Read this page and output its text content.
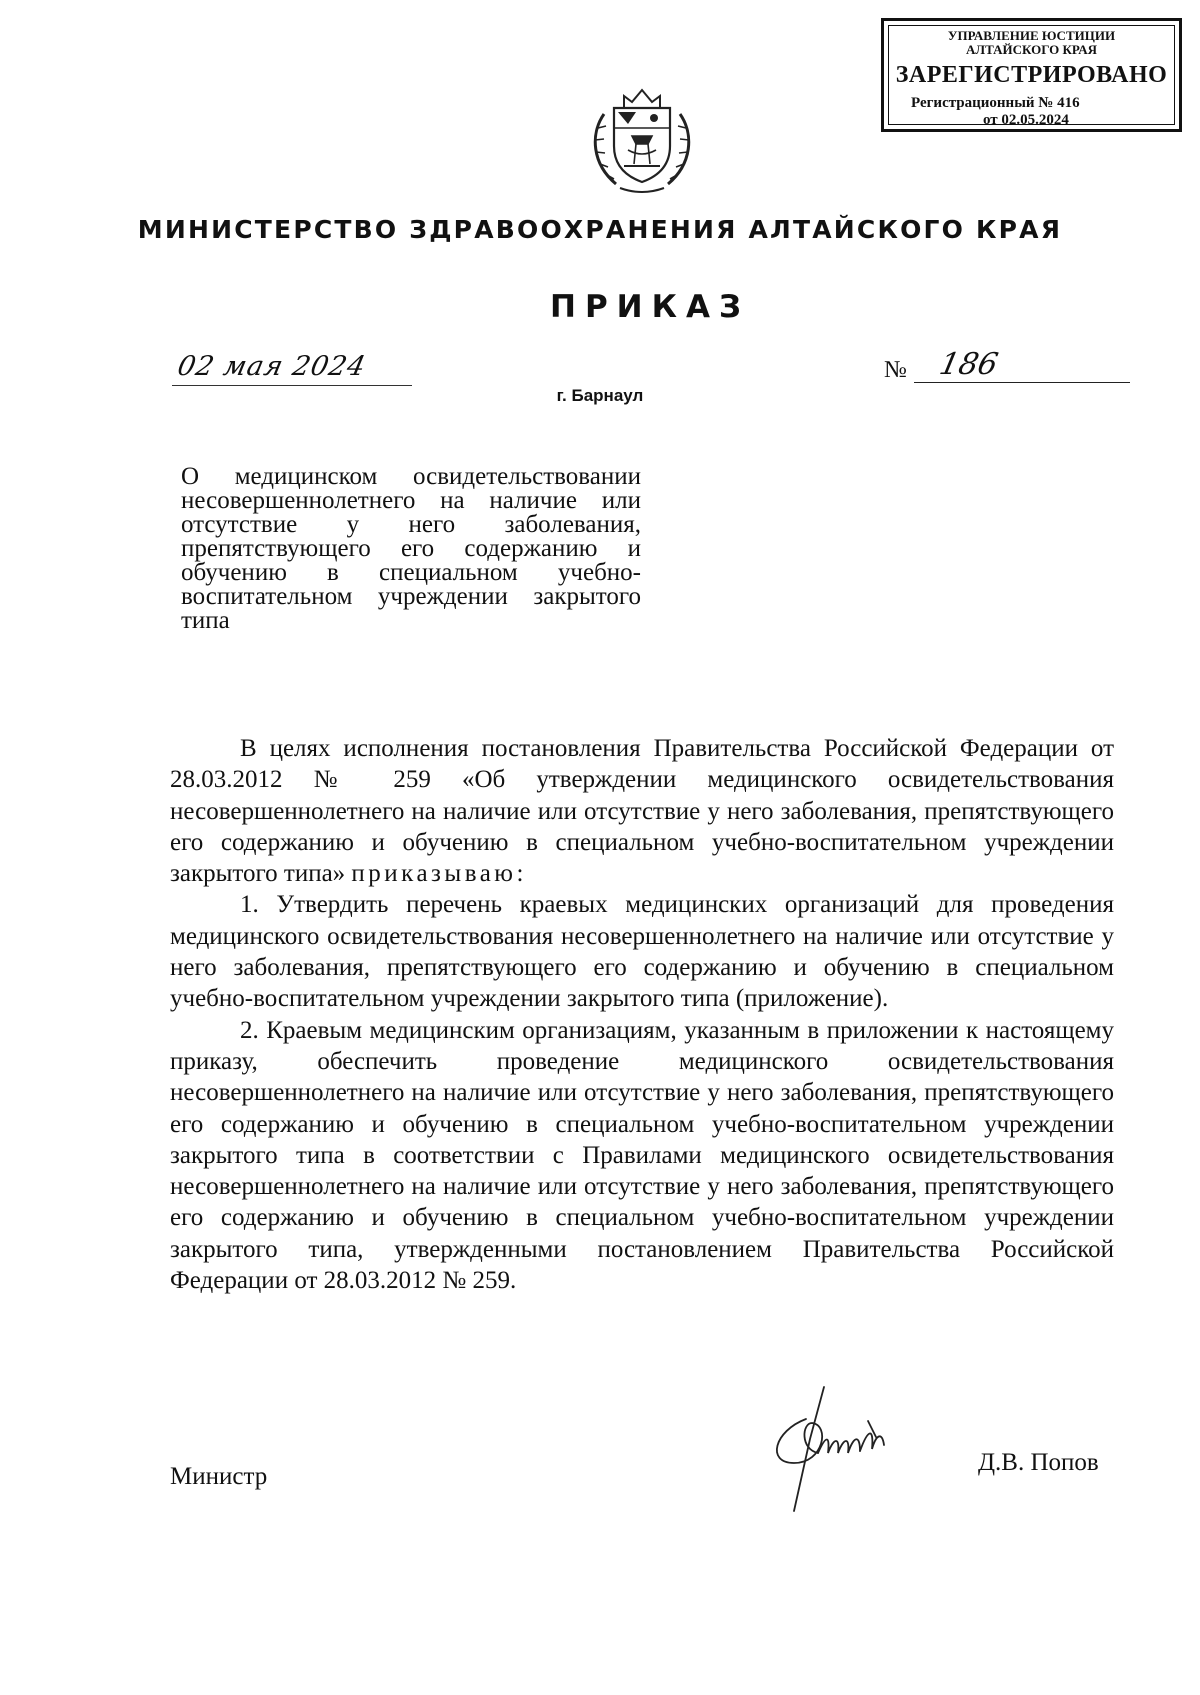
УПРАВЛЕНИЕ ЮСТИЦИИ
АЛТАЙСКОГО КРАЯ
ЗАРЕГИСТРИРОВАНО
Регистрационный № 416
от 02.05.2024
МИНИСТЕРСТВО ЗДРАВООХРАНЕНИЯ АЛТАЙСКОГО КРАЯ
ПРИКАЗ
02 мая 2024	№ 186
г. Барнаул
О медицинском освидетельствовании несовершеннолетнего на наличие или отсутствие у него заболевания, препятствующего его содержанию и обучению в специальном учебно-воспитательном учреждении закрытого типа

В целях исполнения постановления Правительства Российской Федерации от 28.03.2012 № 259 «Об утверждении медицинского освидетельствования несовершеннолетнего на наличие или отсутствие у него заболевания, препятствующего его содержанию и обучению в специальном учебно-воспитательном учреждении закрытого типа» приказываю:

1. Утвердить перечень краевых медицинских организаций для проведения медицинского освидетельствования несовершеннолетнего на наличие или отсутствие у него заболевания, препятствующего его содержанию и обучению в специальном учебно-воспитательном учреждении закрытого типа (приложение).

2. Краевым медицинским организациям, указанным в приложении к настоящему приказу, обеспечить проведение медицинского освидетельствования несовершеннолетнего на наличие или отсутствие у него заболевания, препятствующего его содержанию и обучению в специальном учебно-воспитательном учреждении закрытого типа в соответствии с Правилами медицинского освидетельствования несовершеннолетнего на наличие или отсутствие у него заболевания, препятствующего его содержанию и обучению в специальном учебно-воспитательном учреждении закрытого типа, утвержденными постановлением Правительства Российской Федерации от 28.03.2012 № 259.

Министр
Д.В. Попов
